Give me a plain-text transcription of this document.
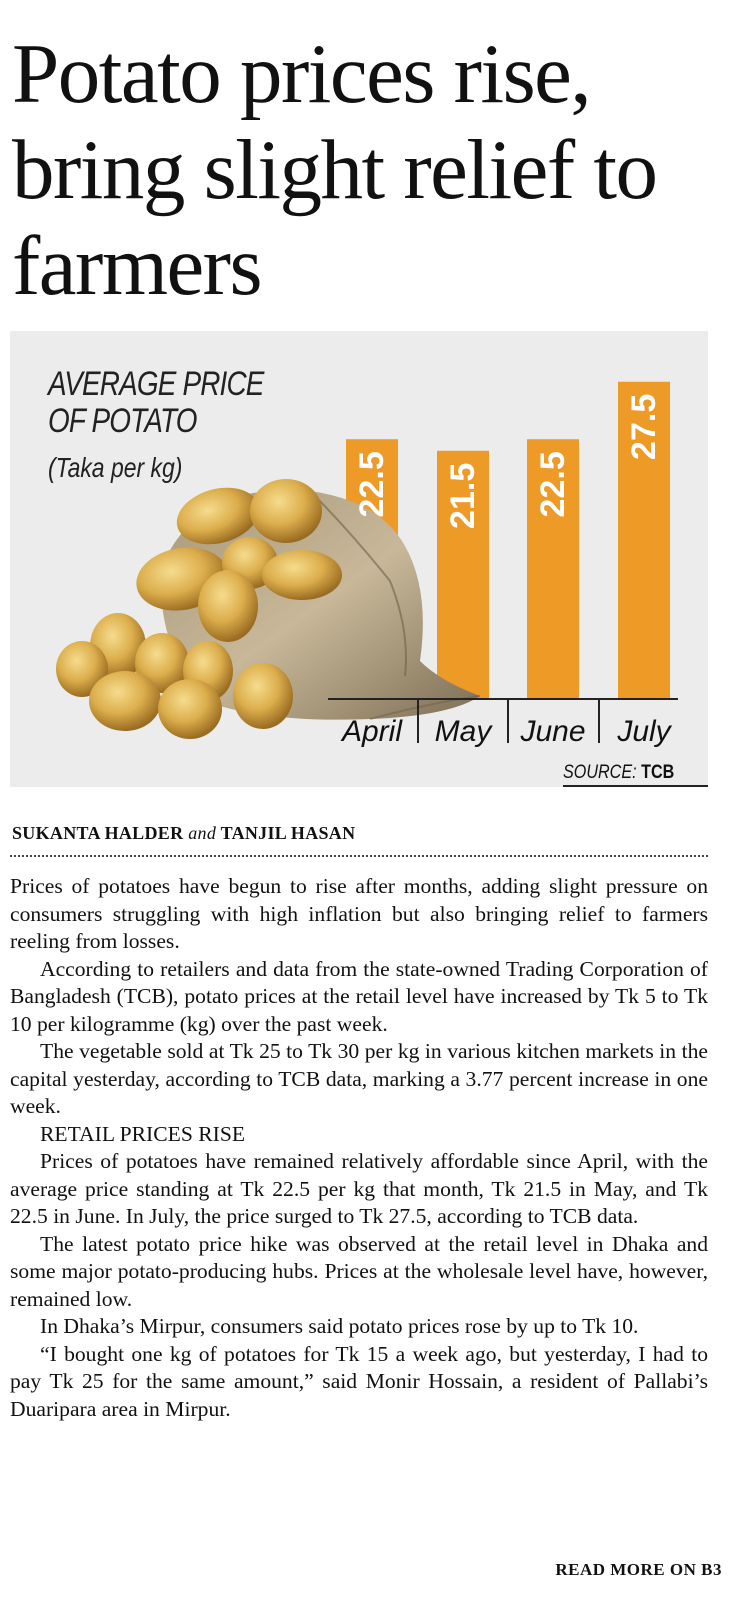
Potato prices rise, bring slight relief to farmers
22.5
April
21.5
May
22.5
June
27.5
July
AVERAGE PRICE
OF POTATO

(Taka per kg)

SOURCE: TCB
SUKANTA HALDER and TANJIL HASAN

Prices of potatoes have begun to rise after months, adding slight pressure on consumers struggling with high inflation but also bringing relief to farmers reeling from losses.

According to retailers and data from the state-owned Trading Corporation of Bangladesh (TCB), potato prices at the retail level have increased by Tk 5 to Tk 10 per kilogramme (kg) over the past week.

The vegetable sold at Tk 25 to Tk 30 per kg in various kitchen markets in the capital yesterday, according to TCB data, marking a 3.77 percent increase in one week.

RETAIL PRICES RISE

Prices of potatoes have remained relatively affordable since April, with the average price standing at Tk 22.5 per kg that month, Tk 21.5 in May, and Tk 22.5 in June. In July, the price surged to Tk 27.5, according to TCB data.

The latest potato price hike was observed at the retail level in Dhaka and some major potato-producing hubs. Prices at the wholesale level have, however, remained low.

In Dhaka’s Mirpur, consumers said potato prices rose by up to Tk 10.

“I bought one kg of potatoes for Tk 15 a week ago, but yesterday, I had to pay Tk 25 for the same amount,” said Monir Hossain, a resident of Pallabi’s Duaripara area in Mirpur.

READ MORE ON B3
